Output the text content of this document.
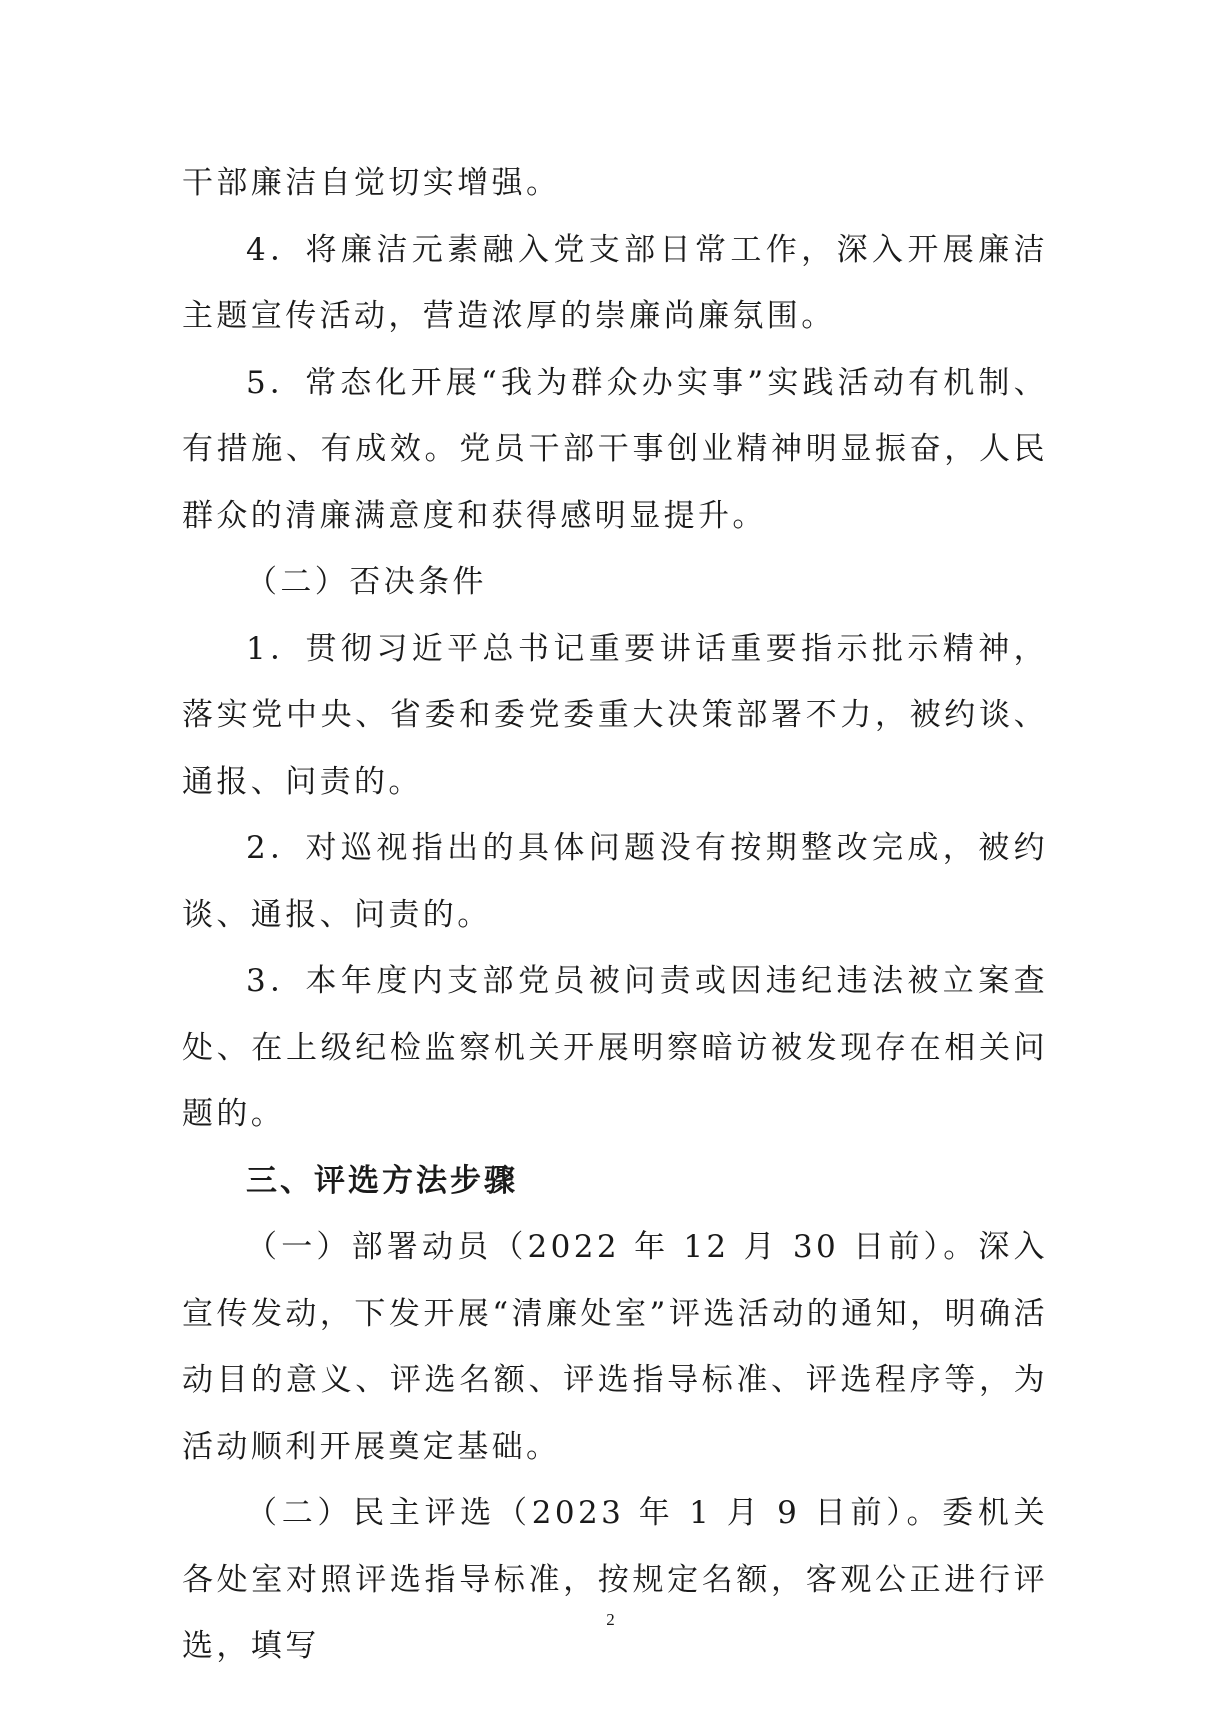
干部廉洁自觉切实增强。

4．将廉洁元素融入党支部日常工作，深入开展廉洁主题宣传活动，营造浓厚的崇廉尚廉氛围。

5．常态化开展“我为群众办实事”实践活动有机制、有措施、有成效。党员干部干事创业精神明显振奋，人民群众的清廉满意度和获得感明显提升。

（二）否决条件

1．贯彻习近平总书记重要讲话重要指示批示精神，落实党中央、省委和委党委重大决策部署不力，被约谈、通报、问责的。

2．对巡视指出的具体问题没有按期整改完成，被约谈、通报、问责的。

3．本年度内支部党员被问责或因违纪违法被立案查处、在上级纪检监察机关开展明察暗访被发现存在相关问题的。

三、评选方法步骤

（一）部署动员（2022 年 12 月 30 日前）。深入宣传发动，下发开展“清廉处室”评选活动的通知，明确活动目的意义、评选名额、评选指导标准、评选程序等，为活动顺利开展奠定基础。

（二）民主评选（2023 年 1 月 9 日前）。委机关各处室对照评选指导标准，按规定名额，客观公正进行评选，填写

2
